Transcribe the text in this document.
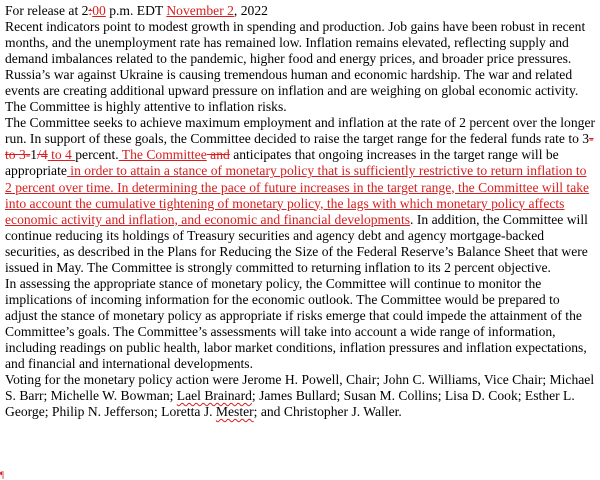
For release at 2:00 p.m. EDT November 2, 2022

Recent indicators point to modest growth in spending and production. Job gains have been robust in recent months, and the unemployment rate has remained low. Inflation remains elevated, reflecting supply and demand imbalances related to the pandemic, higher food and energy prices, and broader price pressures.

Russia’s war against Ukraine is causing tremendous human and economic hardship. The war and related events are creating additional upward pressure on inflation and are weighing on global economic activity. The Committee is highly attentive to inflation risks.

The Committee seeks to achieve maximum employment and inflation at the rate of 2 percent over the longer run. In support of these goals, the Committee decided to raise the target range for the federal funds rate to 3-to 3-1/4 to 4 percent. The Committee and anticipates that ongoing increases in the target range will be appropriate in order to attain a stance of monetary policy that is sufficiently restrictive to return inflation to 2 percent over time. In determining the pace of future increases in the target range, the Committee will take into account the cumulative tightening of monetary policy, the lags with which monetary policy affects economic activity and inflation, and economic and financial developments. In addition, the Committee will continue reducing its holdings of Treasury securities and agency debt and agency mortgage-backed securities, as described in the Plans for Reducing the Size of the Federal Reserve’s Balance Sheet that were issued in May. The Committee is strongly committed to returning inflation to its 2 percent objective.

In assessing the appropriate stance of monetary policy, the Committee will continue to monitor the implications of incoming information for the economic outlook. The Committee would be prepared to adjust the stance of monetary policy as appropriate if risks emerge that could impede the attainment of the Committee’s goals. The Committee’s assessments will take into account a wide range of information, including readings on public health, labor market conditions, inflation pressures and inflation expectations, and financial and international developments.

Voting for the monetary policy action were Jerome H. Powell, Chair; John C. Williams, Vice Chair; Michael S. Barr; Michelle W. Bowman; Lael Brainard; James Bullard; Susan M. Collins; Lisa D. Cook; Esther L. George; Philip N. Jefferson; Loretta J. Mester; and Christopher J. Waller.

¶
